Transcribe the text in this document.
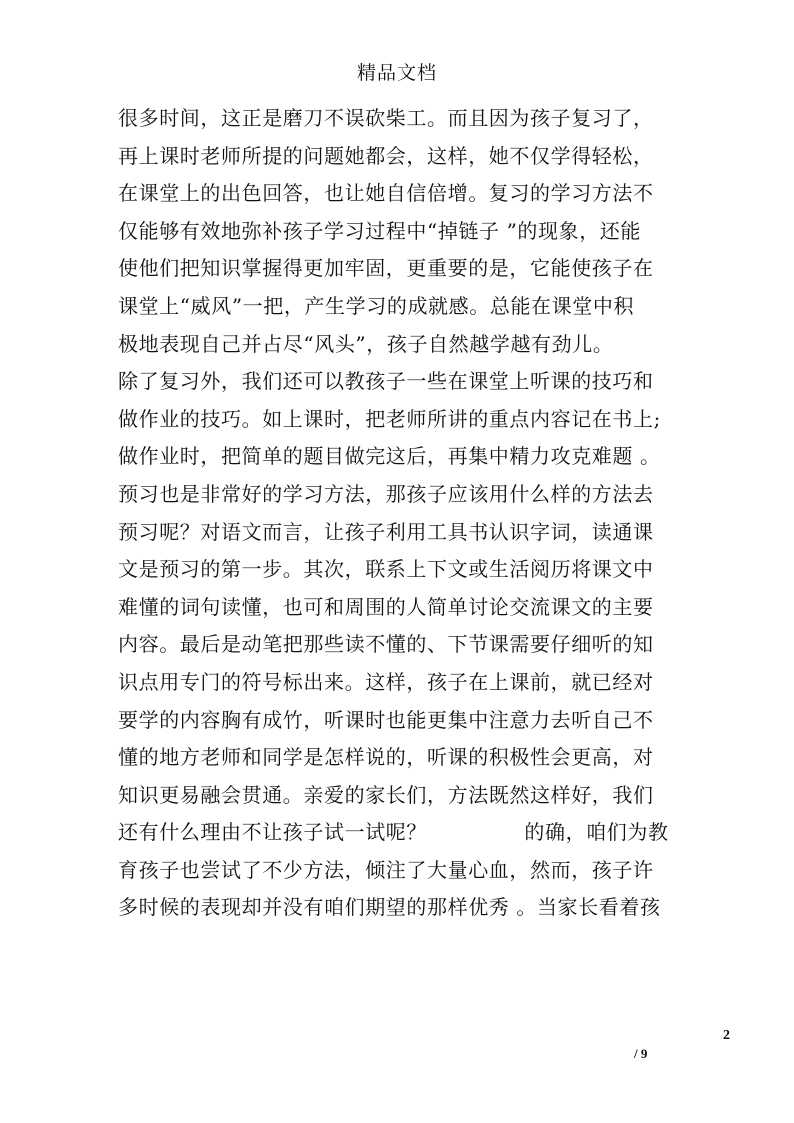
精品文档
很多时间，这正是磨刀不误砍柴工。而且因为孩子复习了，
再上课时老师所提的问题她都会，这样，她不仅学得轻松，
在课堂上的出色回答，也让她自信倍增。复习的学习方法不
仅能够有效地弥补孩子学习过程中“掉链子 ”的现象，还能
使他们把知识掌握得更加牢固，更重要的是，它能使孩子在
课堂上“威风”一把，产生学习的成就感。总能在课堂中积
极地表现自己并占尽“风头”，孩子自然越学越有劲儿。
除了复习外，我们还可以教孩子一些在课堂上听课的技巧和
做作业的技巧。如上课时，把老师所讲的重点内容记在书上;
做作业时，把简单的题目做完这后，再集中精力攻克难题 。
预习也是非常好的学习方法，那孩子应该用什么样的方法去
预习呢？对语文而言，让孩子利用工具书认识字词，读通课
文是预习的第一步。其次，联系上下文或生活阅历将课文中
难懂的词句读懂，也可和周围的人简单讨论交流课文的主要
内容。最后是动笔把那些读不懂的、下节课需要仔细听的知
识点用专门的符号标出来。这样，孩子在上课前，就已经对
要学的内容胸有成竹，听课时也能更集中注意力去听自己不
懂的地方老师和同学是怎样说的，听课的积极性会更高，对
知识更易融会贯通。亲爱的家长们，方法既然这样好，我们
还有什么理由不让孩子试一试呢？              的确，咱们为教
育孩子也尝试了不少方法，倾注了大量心血，然而，孩子许
多时候的表现却并没有咱们期望的那样优秀 。当家长看着孩
2
/ 9
